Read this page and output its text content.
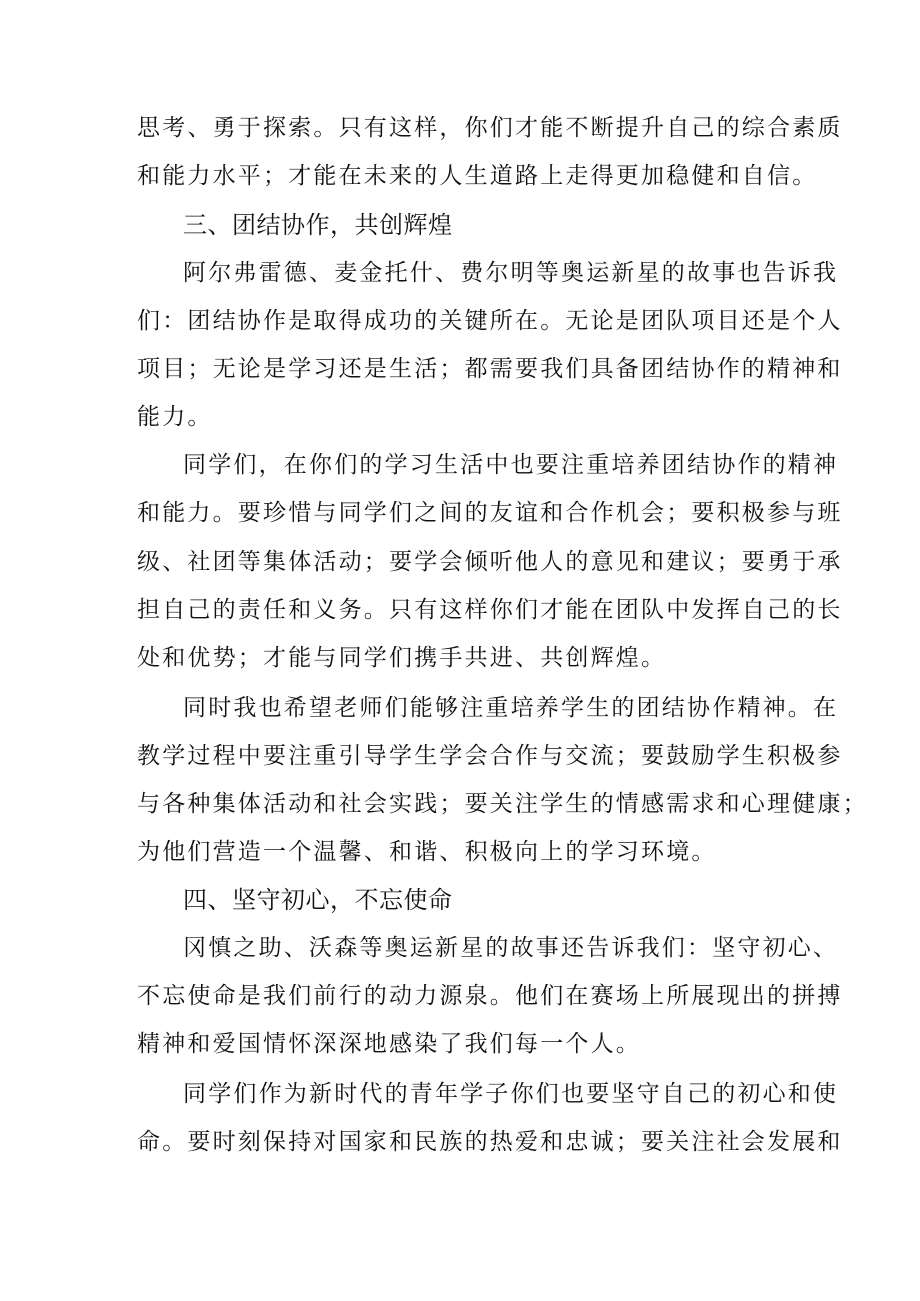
思考、勇于探索。只有这样，你们才能不断提升自己的综合素质
和能力水平；才能在未来的人生道路上走得更加稳健和自信。
三、团结协作，共创辉煌
阿尔弗雷德、麦金托什、费尔明等奥运新星的故事也告诉我
们：团结协作是取得成功的关键所在。无论是团队项目还是个人
项目；无论是学习还是生活；都需要我们具备团结协作的精神和
能力。
同学们，在你们的学习生活中也要注重培养团结协作的精神
和能力。要珍惜与同学们之间的友谊和合作机会；要积极参与班
级、社团等集体活动；要学会倾听他人的意见和建议；要勇于承
担自己的责任和义务。只有这样你们才能在团队中发挥自己的长
处和优势；才能与同学们携手共进、共创辉煌。
同时我也希望老师们能够注重培养学生的团结协作精神。在
教学过程中要注重引导学生学会合作与交流；要鼓励学生积极参
与各种集体活动和社会实践；要关注学生的情感需求和心理健康；
为他们营造一个温馨、和谐、积极向上的学习环境。
四、坚守初心，不忘使命
冈慎之助、沃森等奥运新星的故事还告诉我们：坚守初心、
不忘使命是我们前行的动力源泉。他们在赛场上所展现出的拼搏
精神和爱国情怀深深地感染了我们每一个人。
同学们作为新时代的青年学子你们也要坚守自己的初心和使
命。要时刻保持对国家和民族的热爱和忠诚；要关注社会发展和
